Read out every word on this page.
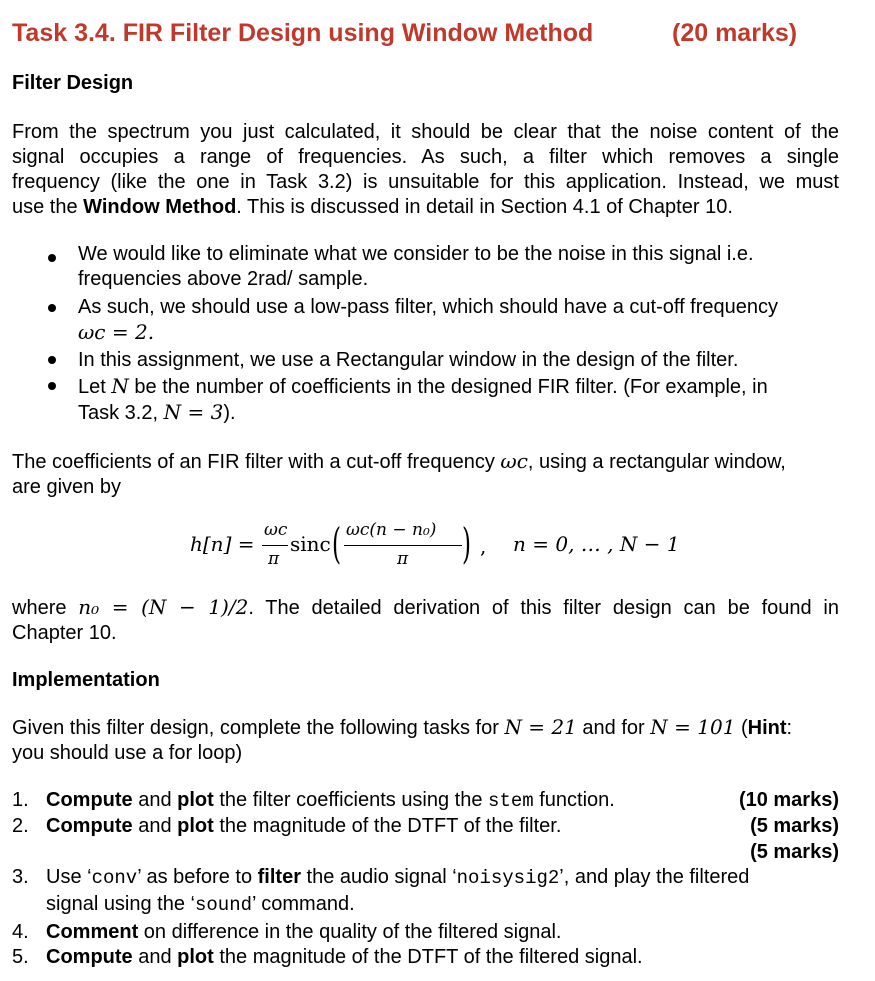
Task 3.4. FIR Filter Design using Window Method	(20 marks)
Filter Design
From the spectrum you just calculated, it should be clear that the noise content of the
signal occupies a range of frequencies. As such, a filter which removes a single
frequency (like the one in Task 3.2) is unsuitable for this application. Instead, we must
use the Window Method. This is discussed in detail in Section 4.1 of Chapter 10.
We would like to eliminate what we consider to be the noise in this signal i.e.
frequencies above 2rad/ sample.
As such, we should use a low-pass filter, which should have a cut-off frequency
ωc = 2.
In this assignment, we use a Rectangular window in the design of the filter.
Let N be the number of coefficients in the designed FIR filter. (For example, in
Task 3.2, N = 3).
The coefficients of an FIR filter with a cut-off frequency ωc, using a rectangular window,
are given by
h[n] =
ωc
π
sinc ( ωc(n − n₀)
π ) , n = 0, … , N − 1
where n₀ = (N − 1)/2. The detailed derivation of this filter design can be found in
Chapter 10.
Implementation
Given this filter design, complete the following tasks for N = 21 and for N = 101 (Hint:
you should use a for loop)
1. Compute and plot the filter coefficients using the stem function.	(10 marks)
2. Compute and plot the magnitude of the DTFT of the filter.	(5 marks)
(5 marks)
3. Use ‘conv’ as before to filter the audio signal ‘noisysig2’, and play the filtered
signal using the ‘sound’ command.
4. Comment on difference in the quality of the filtered signal.
5. Compute and plot the magnitude of the DTFT of the filtered signal.
